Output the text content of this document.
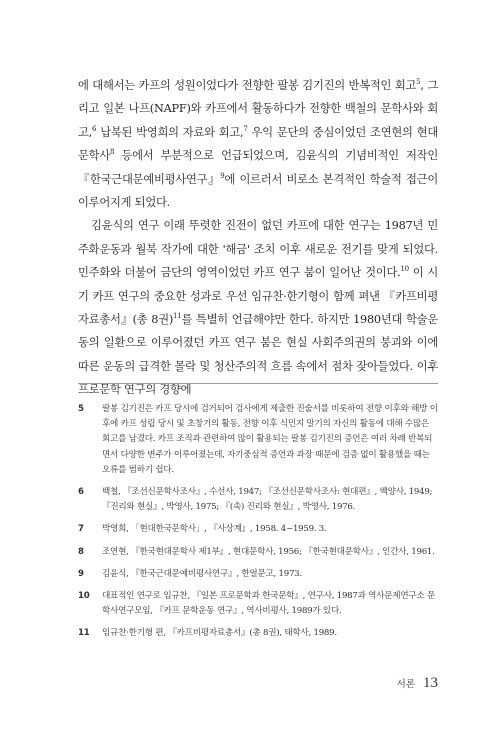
에 대해서는 카프의 성원이었다가 전향한 팔봉 김기진의 반복적인 회고$^5$, 그리고 일본 나프(NAPF)와 카프에서 활동하다가 전향한 백철의 문학사와 회고,$^6$ 납북된 박영희의 자료와 회고,$^7$ 우익 문단의 중심이었던 조연현의 현대문학사$^8$ 등에서 부분적으로 언급되었으며, 김윤식의 기념비적인 저작인 『한국근대문예비평사연구』$^9$에 이르러서 비로소 본격적인 학술적 접근이 이루어지게 되었다.

김윤식의 연구 이래 뚜렷한 진전이 없던 카프에 대한 연구는 1987년 민주화운동과 월북 작가에 대한 '해금' 조치 이후 새로운 전기를 맞게 되었다. 민주화와 더불어 금단의 영역이었던 카프 연구 붐이 일어난 것이다.$^{10}$ 이 시기 카프 연구의 중요한 성과로 우선 임규찬·한기형이 함께 펴낸 『카프비평자료총서』(총 8권)$^{11}$를 특별히 언급해야만 한다. 하지만 1980년대 학술운동의 일환으로 이루어졌던 카프 연구 붐은 현실 사회주의권의 붕괴와 이에 따른 운동의 급격한 몰락 및 청산주의적 흐름 속에서 점차 잦아들었다. 이후 프로문학 연구의 경향에

5	팔봉 김기진은 카프 당시에 검거되어 검사에게 제출한 진술서를 비롯하여 전향 이후와 해방 이후에 카프 성립 당시 및 초창기의 활동, 전향 이후 식민지 말기의 자신의 활동에 대해 수많은 회고를 남겼다. 카프 조직과 관련하여 많이 활용되는 팔봉 김기진의 증언은 여러 차례 반복되면서 다양한 변주가 이루어졌는데, 자기중심적 증언과 과장 때문에 검증 없이 활용했을 때는 오류를 범하기 쉽다.
6	백철, 『조선신문학사조사』, 수선사, 1947; 『조선신문학사조사: 현대편』, 백양사, 1949; 『진리와 현실』, 박영사, 1975; 『(속) 진리와 현실』, 박영사, 1976.
7	박영희, 「현대한국문학사」, 『사상계』, 1958. 4~1959. 3.
8	조연현, 『한국현대문학사 제1부』, 현대문학사, 1956; 『한국현대문학사』, 인간사, 1961.
9	김윤식, 『한국근대문예비평사연구』, 한얼문고, 1973.
10	대표적인 연구로 임규찬, 『일본 프로문학과 한국문학』, 연구사, 1987과 역사문제연구소 문학사연구모임, 『카프 문학운동 연구』, 역사비평사, 1989가 있다.
11	임규찬·한기형 편, 『카프비평자료총서』(총 8권), 태학사, 1989.
서론 13
